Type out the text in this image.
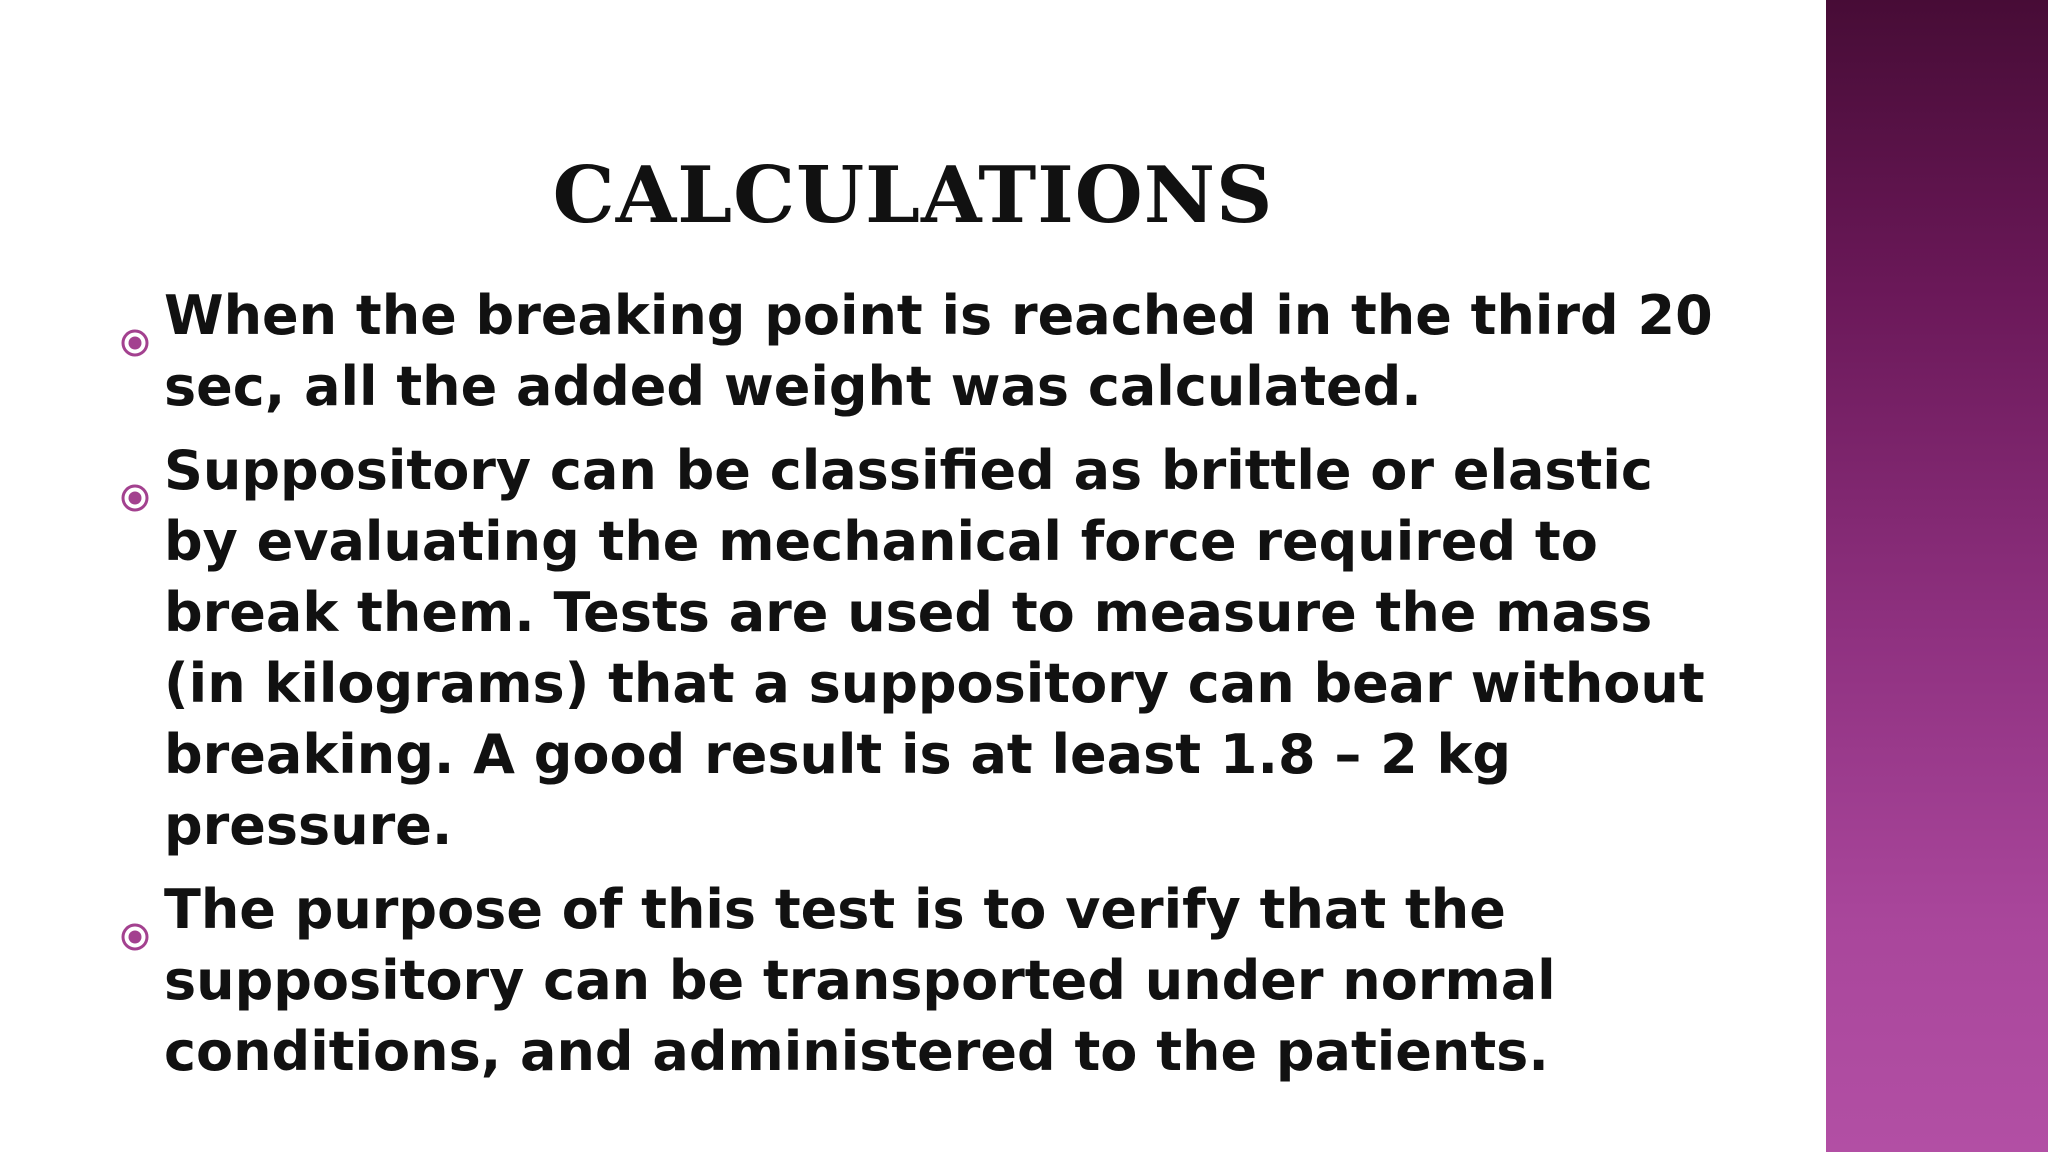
CALCULATIONS
When the breaking point is reached in the third 20 sec, all the added weight was calculated.
Suppository can be classified as brittle or elastic by evaluating the mechanical force required to break them. Tests are used to measure the mass (in kilograms) that a suppository can bear without breaking. A good result is at least 1.8 – 2 kg pressure.
The purpose of this test is to verify that the suppository can be transported under normal conditions, and administered to the patients.
